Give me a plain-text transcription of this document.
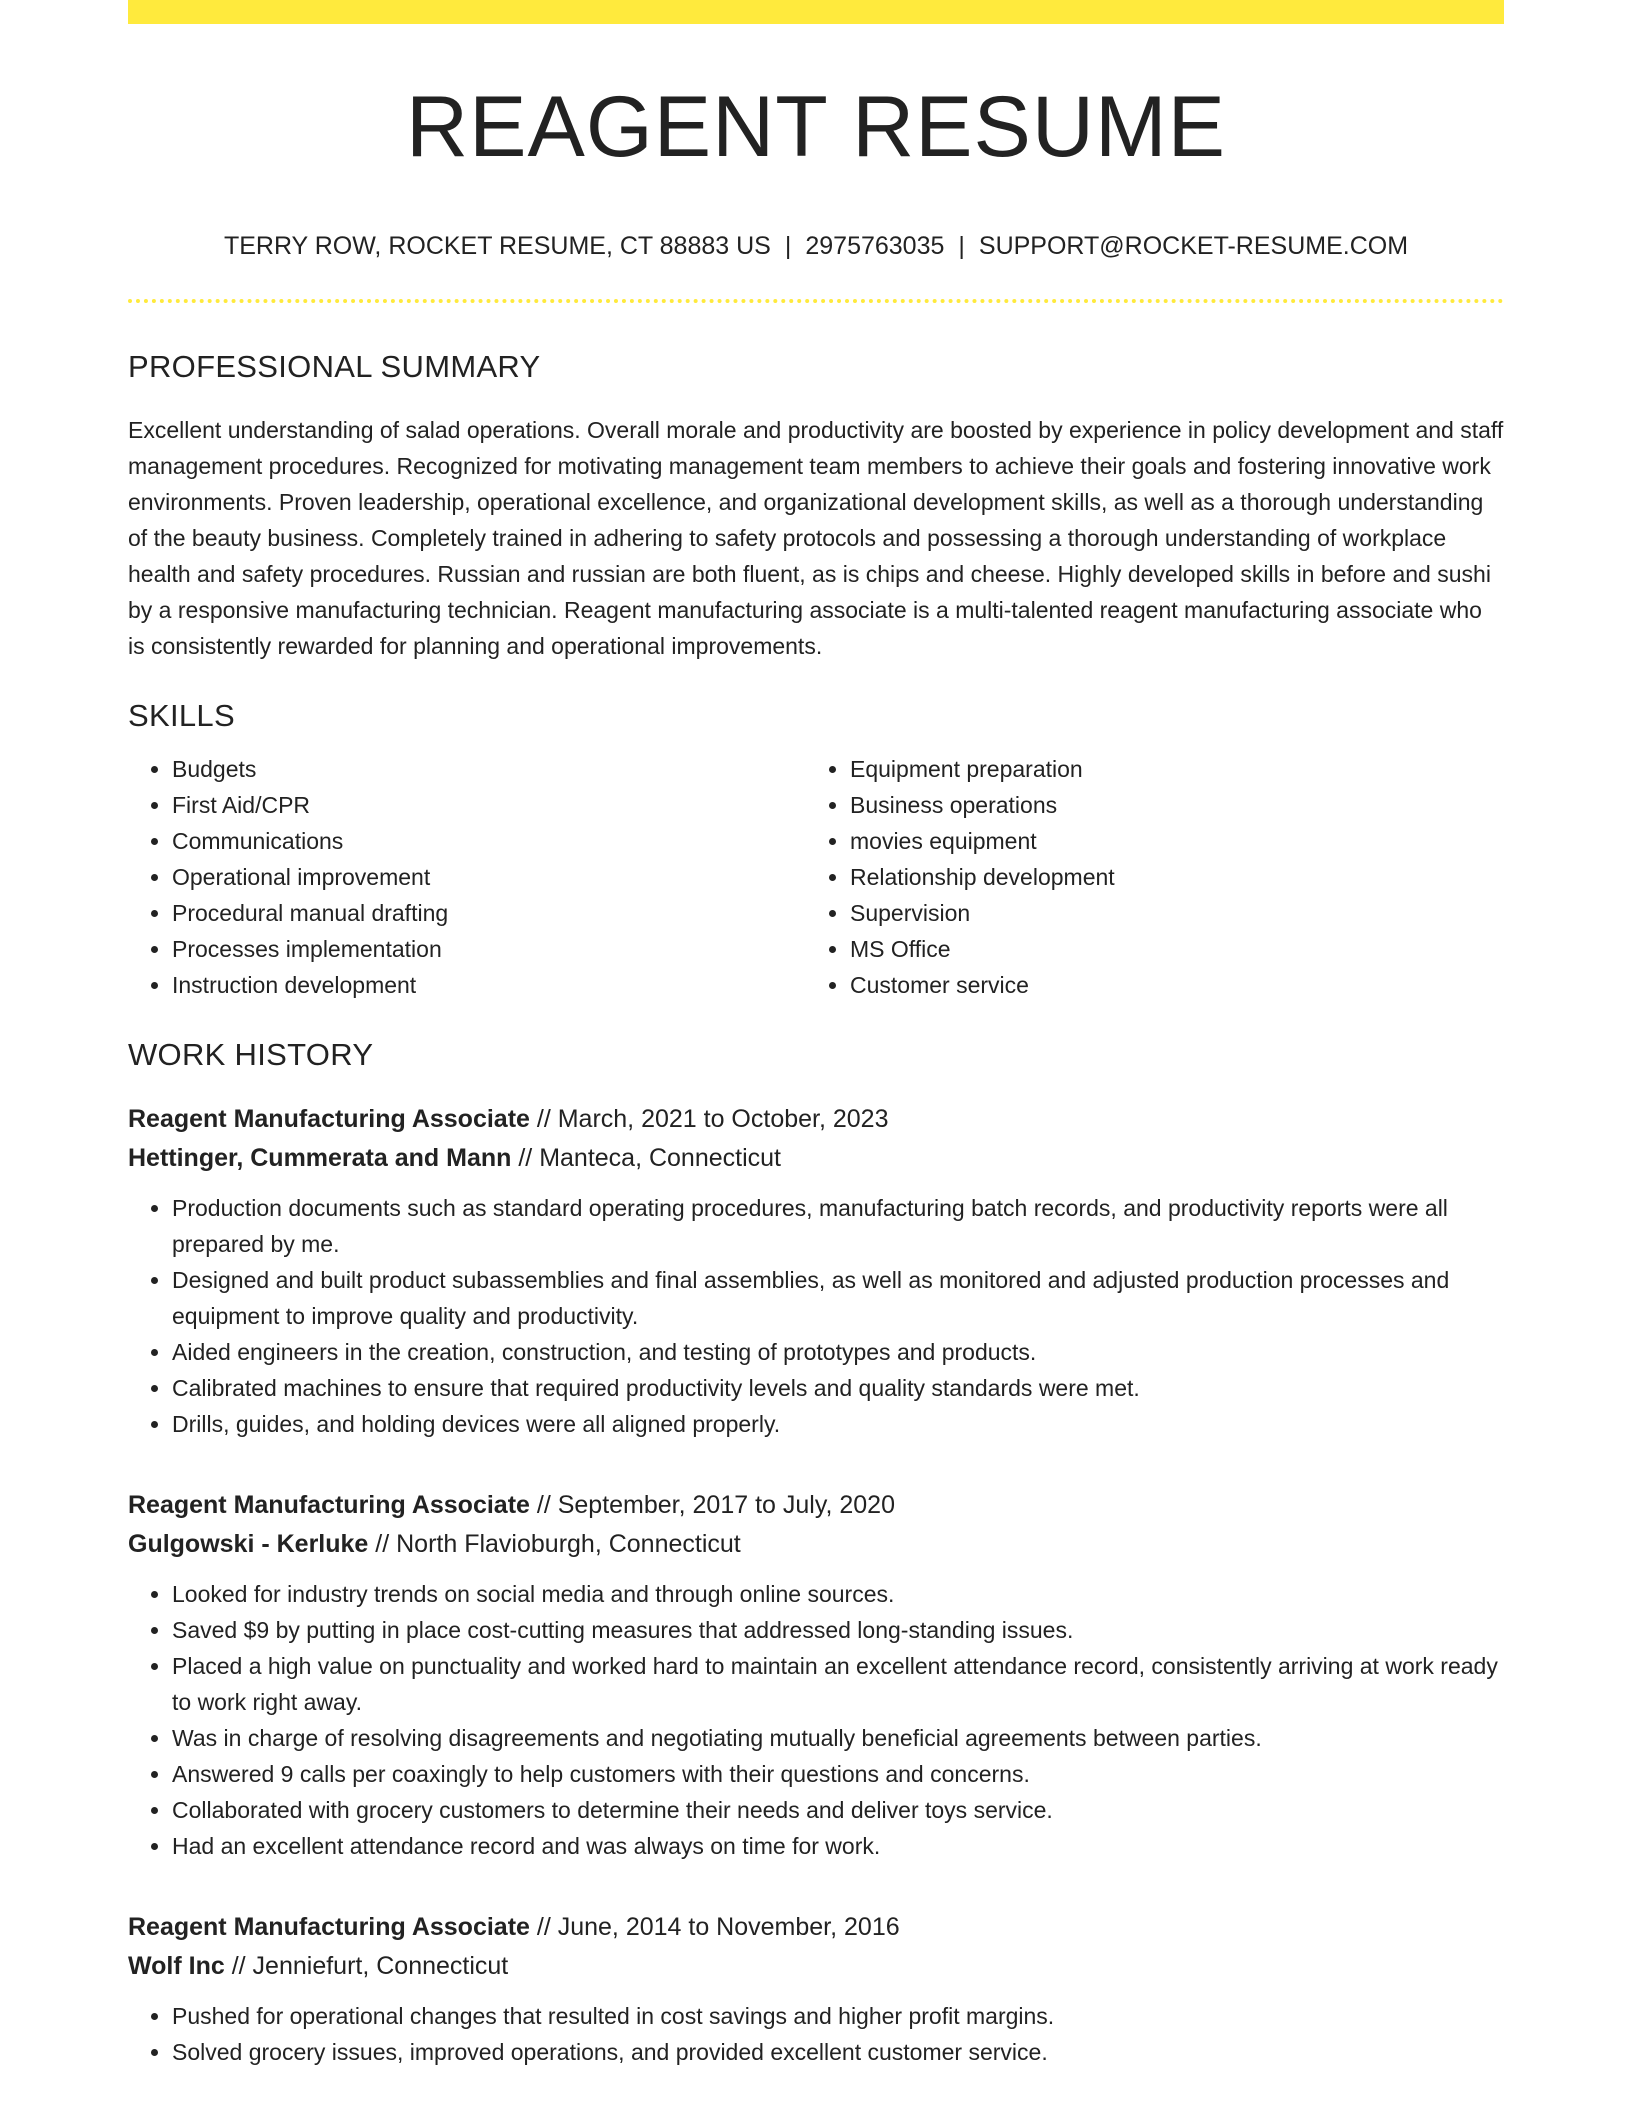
REAGENT RESUME
TERRY ROW, ROCKET RESUME, CT 88883 US | 2975763035 | SUPPORT@ROCKET-RESUME.COM
PROFESSIONAL SUMMARY

Excellent understanding of salad operations. Overall morale and productivity are boosted by experience in policy development and staff management procedures. Recognized for motivating management team members to achieve their goals and fostering innovative work environments. Proven leadership, operational excellence, and organizational development skills, as well as a thorough understanding of the beauty business. Completely trained in adhering to safety protocols and possessing a thorough understanding of workplace health and safety procedures. Russian and russian are both fluent, as is chips and cheese. Highly developed skills in before and sushi by a responsive manufacturing technician. Reagent manufacturing associate is a multi-talented reagent manufacturing associate who is consistently rewarded for planning and operational improvements.

SKILLS
• Budgets
• First Aid/CPR
• Communications
• Operational improvement
• Procedural manual drafting
• Processes implementation
• Instruction development
• Equipment preparation
• Business operations
• movies equipment
• Relationship development
• Supervision
• MS Office
• Customer service
WORK HISTORY
Reagent Manufacturing Associate // March, 2021 to October, 2023
Hettinger, Cummerata and Mann // Manteca, Connecticut
• Production documents such as standard operating procedures, manufacturing batch records, and productivity reports were all prepared by me.
• Designed and built product subassemblies and final assemblies, as well as monitored and adjusted production processes and equipment to improve quality and productivity.
• Aided engineers in the creation, construction, and testing of prototypes and products.
• Calibrated machines to ensure that required productivity levels and quality standards were met.
• Drills, guides, and holding devices were all aligned properly.
Reagent Manufacturing Associate // September, 2017 to July, 2020
Gulgowski - Kerluke // North Flavioburgh, Connecticut
• Looked for industry trends on social media and through online sources.
• Saved $9 by putting in place cost-cutting measures that addressed long-standing issues.
• Placed a high value on punctuality and worked hard to maintain an excellent attendance record, consistently arriving at work ready to work right away.
• Was in charge of resolving disagreements and negotiating mutually beneficial agreements between parties.
• Answered 9 calls per coaxingly to help customers with their questions and concerns.
• Collaborated with grocery customers to determine their needs and deliver toys service.
• Had an excellent attendance record and was always on time for work.
Reagent Manufacturing Associate // June, 2014 to November, 2016
Wolf Inc // Jenniefurt, Connecticut
• Pushed for operational changes that resulted in cost savings and higher profit margins.
• Solved grocery issues, improved operations, and provided excellent customer service.
